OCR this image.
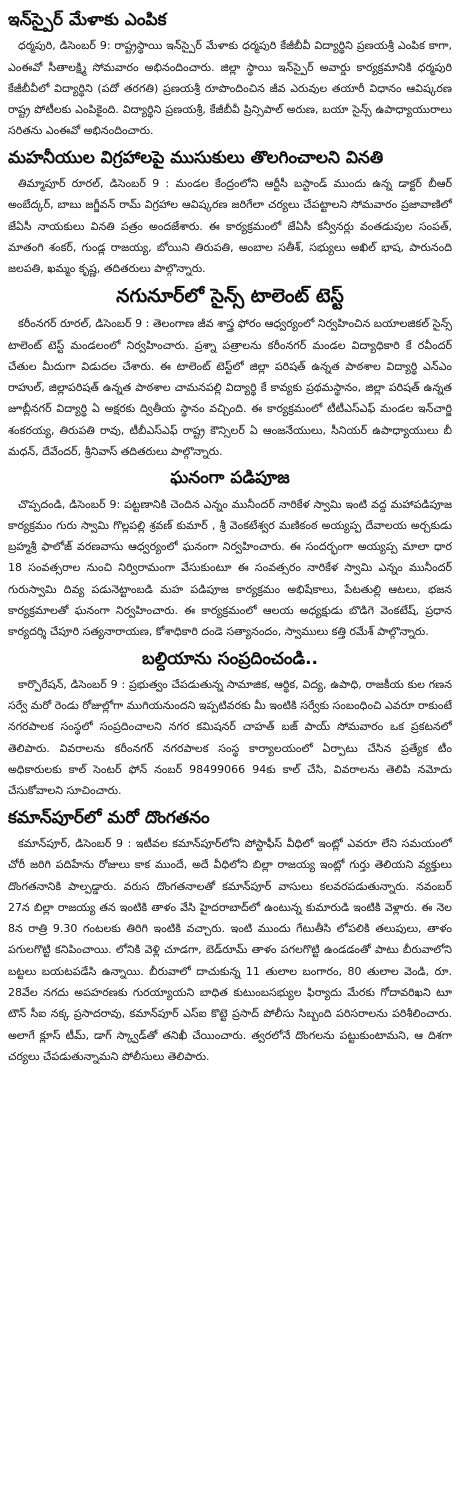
ఇన్‌స్పైర్ మేళాకు ఎంపిక

ధర్మపురి, డిసెంబర్ 9: రాష్ట్రస్థాయి ఇన్‌స్పైర్ మేళాకు ధర్మపురి కేజీబీవీ విద్యార్థిని ప్రణయశ్రీ ఎంపిక కాగా, ఎంఈవో సీతాలక్ష్మి సోమవారం అభినందించారు. జిల్లా స్థాయి ఇన్‌స్పైర్ అవార్డు కార్యక్రమానికి ధర్మపురి కేజీబీవీలో విద్యార్థిని (పదో తరగతి) ప్రణయశ్రీ రూపొందించిన జీవ ఎరువుల తయారీ విధానం ఆవిష్కరణ రాష్ట్ర పోటీలకు ఎంపికైంది. విద్యార్థిని ప్రణయశ్రీ, కేజీబీవీ ప్రిన్సిపాల్ అరుణ, బయా సైన్స్ ఉపాధ్యాయురాలు సరితను ఎంఈవో అభినందించారు.

మహనీయుల విగ్రహాలపై ముసుకులు తొలగించాలని వినతి

తిమ్మాపూర్ రూరల్, డిసెంబర్ 9 : మండల కేంద్రంలోని ఆర్టీసీ బస్టాండ్ ముందు ఉన్న డాక్టర్ బీఆర్ అంబేద్కర్, బాబు జగ్జీవన్ రామ్ విగ్రహాల ఆవిష్కరణ జరిగేలా చర్యలు చేపట్టాలని సోమవారం ప్రజావాణిలో జేఏసీ నాయకులు వినతి పత్రం అందజేశారు. ఈ కార్యక్రమంలో జేఏసీ కన్వీనర్లు వంతడుపుల సంపత్, మాతంగి శంకర్, గుండ్ల రాజయ్య, బోయిని తిరుపతి, అంబాల సతీశ్, సభ్యులు అఖిల్ భాష, పారునంది జలపతి, ఖమ్మం కృష్ణ, తదితరులు పాల్గొన్నారు.

నగునూర్‌లో సైన్స్ టాలెంట్ టెస్ట్

కరీంనగర్ రూరల్, డిసెంబర్ 9 : తెలంగాణ జీవ శాస్త్ర ఫోరం ఆధ్వర్యంలో నిర్వహించిన బయాలజికల్ సైన్స్ టాలెంట్ టెస్ట్ మండలంలో నిర్వహించారు. ప్రశ్నా పత్రాలను కరీంనగర్ మండల విద్యాధికారి కే రవీందర్ చేతుల మీదుగా విడుదల చేశారు. ఈ టాలెంట్ టెస్ట్‌లో జిల్లా పరిషత్ ఉన్నత పాఠశాల విద్యార్థి ఎన్ఎం రాహుల్, జిల్లాపరిషత్ ఉన్నత పాఠశాల చామనపల్లి విద్యార్థి కే కావ్యకు ప్రథమస్థానం, జిల్లా పరిషత్ ఉన్నత జూబ్లీనగర్ విద్యార్థి ఏ అక్షరకు ద్వితీయ స్థానం వచ్చింది. ఈ కార్యక్రమంలో టీటీఎస్‌ఎఫ్ మండల ఇన్‌చార్జి శంకరయ్య, తిరుపతి రావు, టీబీఎస్‌ఎఫ్ రాష్ట్ర కౌన్సిలర్ ఏ ఆంజనేయులు, సీనియర్ ఉపాధ్యాయులు బీ మధన్, దేవేందర్, శ్రీనివాస్ తదితరులు పాల్గొన్నారు.

ఘనంగా పడిపూజ

చొప్పదండి, డిసెంబర్ 9: పట్టణానికి చెందిన ఎన్నం మునీందర్ నారికేళ స్వామి ఇంటి వద్ద మహాపడిపూజ కార్యక్రమం గురు స్వామి గొల్లపల్లి శ్రవణ్ కుమార్ , శ్రీ వెంకటేశ్వర మణికంఠ అయ్యప్ప దేవాలయ అర్చకుడు బ్రహ్మశ్రీ ఫాలోజ్ వరణవాసు ఆధ్వర్యంలో ఘనంగా నిర్వహించారు. ఈ సందర్భంగా అయ్యప్ప మాలా ధార 18 సంవత్సరాల నుంచి నిర్విరామంగా వేసుకుంటూ ఈ సంవత్సరం నారికేళ స్వామి ఎన్నం మునీందర్ గురుస్వామి దివ్య పడునెట్టాంబడి మహ పడిపూజ కార్యక్రమం అభిషేకాలు, పేటతుల్లి ఆటలు, భజన కార్యక్రమాలతో ఘనంగా నిర్వహించారు. ఈ కార్యక్రమంలో ఆలయ అధ్యక్షుడు బొడిగె వెంకటేష్, ప్రధాన కార్యదర్శి చేపూరి సత్యనారాయణ, కోశాధికారి దండె సత్యానందం, స్వాములు కత్తి రమేశ్ పాల్గొన్నారు.

బల్దియాను సంప్రదించండి..

కార్పొరేషన్, డిసెంబర్ 9 : ప్రభుత్వం చేపడుతున్న సామాజిక, ఆర్థిక, విద్య, ఉపాధి, రాజకీయ కుల గణన సర్వే మరో రెండు రోజుల్లోగా ముగియనుందని ఇప్పటివరకు మీ ఇంటికి సర్వేకు సంబంధించి ఎవరూ రాకుంటే నగరపాలక సంస్థలో సంప్రదించాలని నగర కమిషనర్ చాహత్ బజ్ పాయ్ సోమవారం ఒక ప్రకటనలో తెలిపారు. వివరాలను కరీంనగర్ నగరపాలక సంస్థ కార్యాలయంలో ఏర్పాటు చేసిన ప్రత్యేక టీం అధికారులకు కాల్ సెంటర్ ఫోన్ నంబర్ 98499066 94కు కాల్ చేసి, వివరాలను తెలిపి నమోదు చేసుకోవాలని సూచించారు.

కమాన్‌పూర్‌లో మరో దొంగతనం

కమాన్‌పూర్, డిసెంబర్ 9 : ఇటీవల కమాన్‌పూర్‌లోని పోస్టాఫీస్ వీధిలో ఇంట్లో ఎవరూ లేని సమయంలో చోరీ జరిగి పదిహేను రోజులు కాక ముందే, అదే వీధిలోని బిల్లా రాజయ్య ఇంట్లో గుర్తు తెలియని వ్యక్తులు దొంగతనానికి పాల్పడ్డారు. వరుస దొంగతనాలతో కమాన్‌పూర్ వాసులు కలవరపడుతున్నారు. నవంబర్ 27న బిల్లా రాజయ్య తన ఇంటికి తాళం వేసి హైదరాబాద్‌లో ఉంటున్న కుమారుడి ఇంటికి వెళ్లారు. ఈ నెల 8న రాత్రి 9.30 గంటలకు తిరిగి ఇంటికి వచ్చారు. ఇంటి ముందు గేటుతీసి లోపలికి తలుపులు, తాళం పగులగొట్టి కనిపించాయి. లోనికి వెళ్లి చూడగా, బెడ్‌రూమ్ తాళం పగలగొట్టి ఉండడంతో పాటు బీరువాలోని బట్టలు బయటపడేసి ఉన్నాయి. బీరువాలో దాచుకున్న 11 తులాల బంగారం, 80 తులాల వెండి, రూ. 28వేల నగదు అపహరణకు గురయ్యాయని బాధిత కుటుంబసభ్యుల ఫిర్యాదు మేరకు గోదావరిఖని టూ టౌన్ సీఐ నక్క ప్రసాదరావు, కమాన్‌పూర్ ఎస్ఐ కొట్టె ప్రసాద్ పోలీసు సిబ్బంది పరిసరాలను పరిశీలించారు. అలాగే క్లూస్ టీమ్, డాగ్ స్క్వాడ్‌తో తనిఖీ చేయించారు. త్వరలోనే దొంగలను పట్టుకుంటామని, ఆ దిశగా చర్యలు చేపడుతున్నామని పోలీసులు తెలిపారు.
